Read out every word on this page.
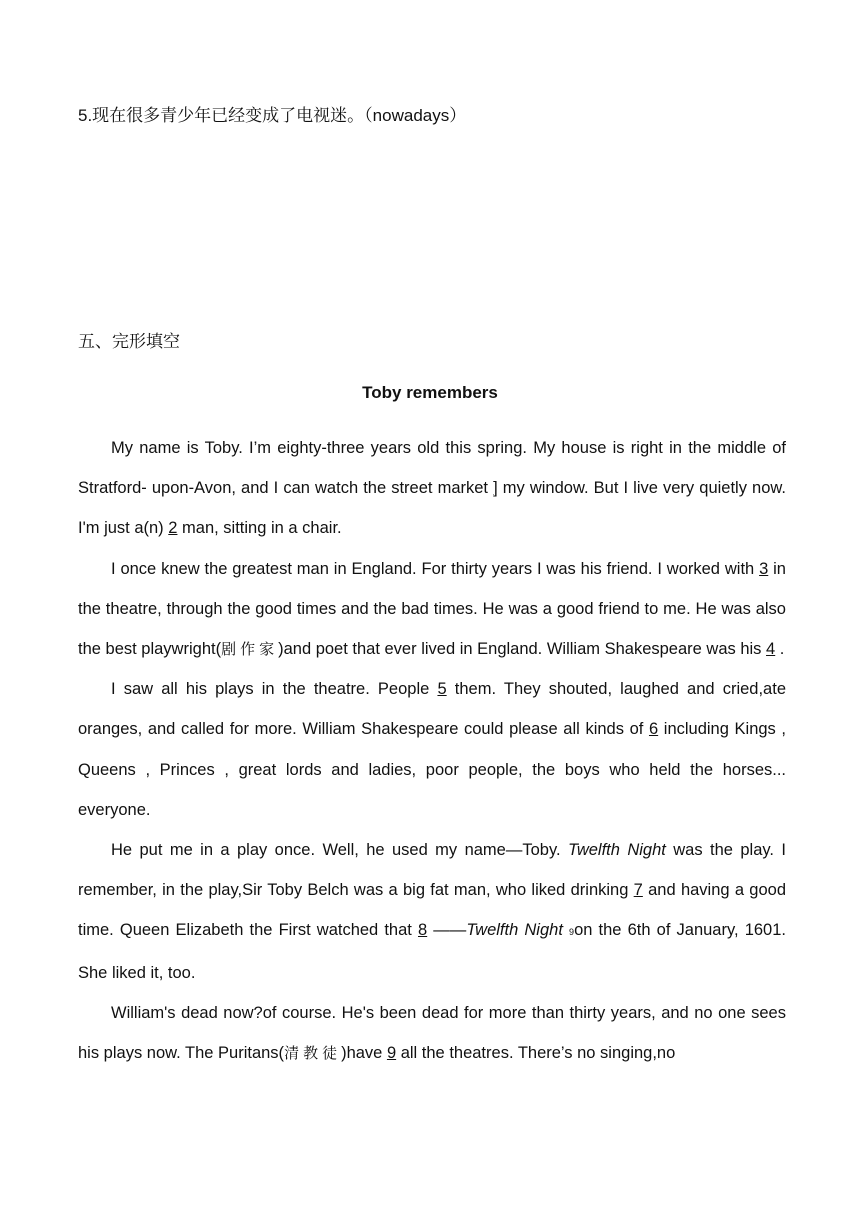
5.现在很多青少年已经变成了电视迷。（nowadays）
五、完形填空
Toby remembers

My name is Toby. I’m eighty-three years old this spring. My house is right in the middle of Stratford- upon-Avon, and I can watch the street market ] my window. But I live very quietly now. I'm just a(n) 2 man, sitting in a chair.

I once knew the greatest man in England. For thirty years I was his friend. I worked with 3 in the theatre, through the good times and the bad times. He was a good friend to me. He was also the best playwright(剧作家)and poet that ever lived in England. William Shakespeare was his 4 .

I saw all his plays in the theatre. People 5 them. They shouted, laughed and cried,ate oranges, and called for more. William Shakespeare could please all kinds of 6 including Kings , Queens , Princes , great lords and ladies, poor people, the boys who held the horses... everyone.

He put me in a play once. Well, he used my name—Toby. Twelfth Night was the play. I remember, in the play,Sir Toby Belch was a big fat man, who liked drinking 7 and having a good time. Queen Elizabeth the First watched that 8 ——Twelfth Night 9on the 6th of January, 1601. She liked it, too.

William's dead now?of course. He's been dead for more than thirty years, and no one sees his plays now. The Puritans(清教徒)have 9 all the theatres. There’s no singing,no
